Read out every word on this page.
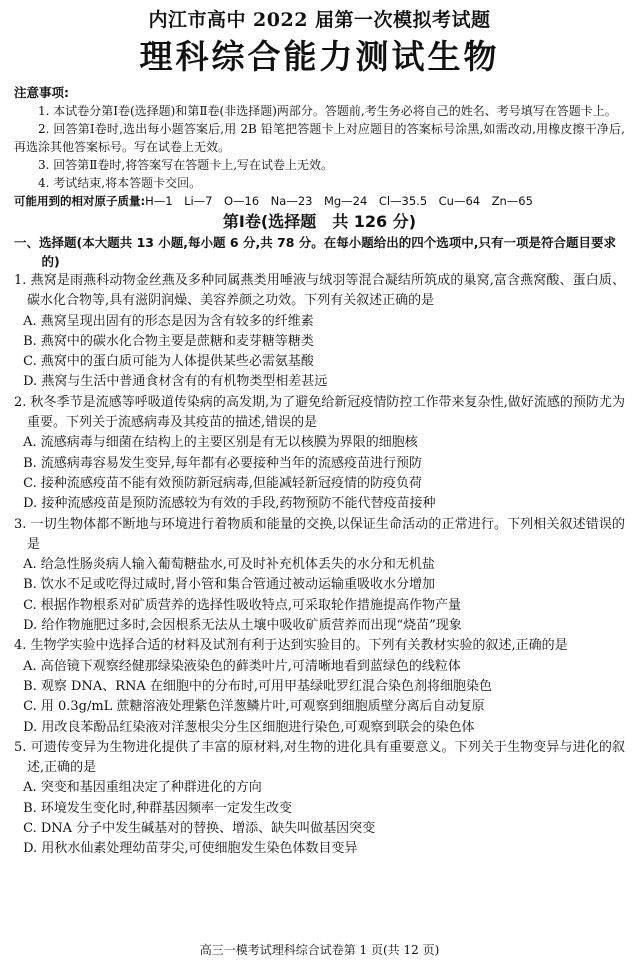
内江市高中 2022 届第一次模拟考试题
理科综合能力测试生物

注意事项:

1. 本试卷分第Ⅰ卷(选择题)和第Ⅱ卷(非选择题)两部分。答题前,考生务必将自己的姓名、考号填写在答题卡上。

2. 回答第Ⅰ卷时,选出每小题答案后,用 2B 铅笔把答题卡上对应题目的答案标号涂黑,如需改动,用橡皮擦干净后,再选涂其他答案标号。写在试卷上无效。

3. 回答第Ⅱ卷时,将答案写在答题卡上,写在试卷上无效。

4. 考试结束,将本答题卡交回。

可能用到的相对原子质量:H—1　Li—7　O—16　Na—23　Mg—24　Cl—35.5　Cu—64　Zn—65

第Ⅰ卷(选择题　共 126 分)

一、选择题(本大题共 13 小题,每小题 6 分,共 78 分。在每小题给出的四个选项中,只有一项是符合题目要求的)

1. 燕窝是雨燕科动物金丝燕及多种同属燕类用唾液与绒羽等混合凝结所筑成的巢窝,富含燕窝酸、蛋白质、碳水化合物等,具有滋阴润燥、美容养颜之功效。下列有关叙述正确的是

A. 燕窝呈现出固有的形态是因为含有较多的纤维素

B. 燕窝中的碳水化合物主要是蔗糖和麦芽糖等糖类

C. 燕窝中的蛋白质可能为人体提供某些必需氨基酸

D. 燕窝与生活中普通食材含有的有机物类型相差甚远

2. 秋冬季节是流感等呼吸道传染病的高发期,为了避免给新冠疫情防控工作带来复杂性,做好流感的预防尤为重要。下列关于流感病毒及其疫苗的描述,错误的是

A. 流感病毒与细菌在结构上的主要区别是有无以核膜为界限的细胞核

B. 流感病毒容易发生变异,每年都有必要接种当年的流感疫苗进行预防

C. 接种流感疫苗不能有效预防新冠病毒,但能减轻新冠疫情的防疫负荷

D. 接种流感疫苗是预防流感较为有效的手段,药物预防不能代替疫苗接种

3. 一切生物体都不断地与环境进行着物质和能量的交换,以保证生命活动的正常进行。下列相关叙述错误的是

A. 给急性肠炎病人输入葡萄糖盐水,可及时补充机体丢失的水分和无机盐

B. 饮水不足或吃得过咸时,肾小管和集合管通过被动运输重吸收水分增加

C. 根据作物根系对矿质营养的选择性吸收特点,可采取轮作措施提高作物产量

D. 给作物施肥过多时,会因根系无法从土壤中吸收矿质营养而出现“烧苗”现象

4. 生物学实验中选择合适的材料及试剂有利于达到实验目的。下列有关教材实验的叙述,正确的是

A. 高倍镜下观察经健那绿染液染色的藓类叶片,可清晰地看到蓝绿色的线粒体

B. 观察 DNA、RNA 在细胞中的分布时,可用甲基绿吡罗红混合染色剂将细胞染色

C. 用 0.3g/mL 蔗糖溶液处理紫色洋葱鳞片叶,可观察到细胞质壁分离后自动复原

D. 用改良苯酚品红染液对洋葱根尖分生区细胞进行染色,可观察到联会的染色体

5. 可遗传变异为生物进化提供了丰富的原材料,对生物的进化具有重要意义。下列关于生物变异与进化的叙述,正确的是

A. 突变和基因重组决定了种群进化的方向

B. 环境发生变化时,种群基因频率一定发生改变

C. DNA 分子中发生碱基对的替换、增添、缺失叫做基因突变

D. 用秋水仙素处理幼苗芽尖,可使细胞发生染色体数目变异

高三一模考试理科综合试卷第 1 页(共 12 页)
